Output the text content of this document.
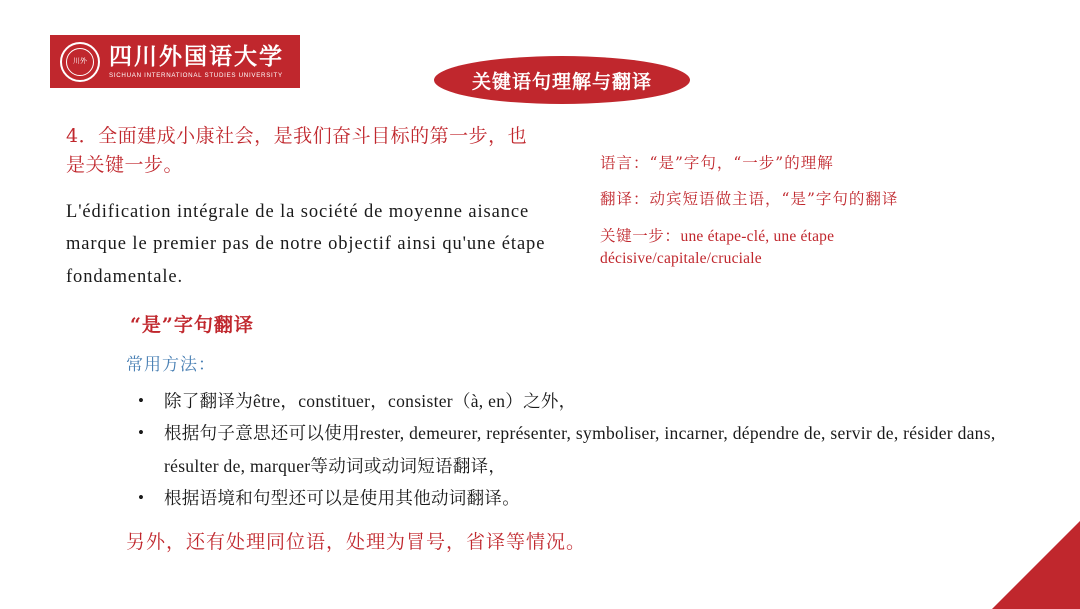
川外 四川外国语大学
SICHUAN INTERNATIONAL STUDIES UNIVERSITY	关键语句理解与翻译
4．全面建成小康社会，是我们奋斗目标的第一步，也
是关键一步。
L'édification intégrale de la société de moyenne aisance marque le premier pas de notre objectif ainsi qu'une étape fondamentale.
语言：“是”字句，“一步”的理解
翻译：动宾短语做主语，“是”字句的翻译
关键一步：une étape-clé, une étape
décisive/capitale/cruciale
“是”字句翻译
常用方法：
• 除了翻译为être，constituer，consister（à, en）之外，
• 根据句子意思还可以使用rester, demeurer, représenter, symboliser, incarner, dépendre de, servir de, résider dans, résulter de, marquer等动词或动词短语翻译，
• 根据语境和句型还可以是使用其他动词翻译。
另外，还有处理同位语，处理为冒号，省译等情况。
